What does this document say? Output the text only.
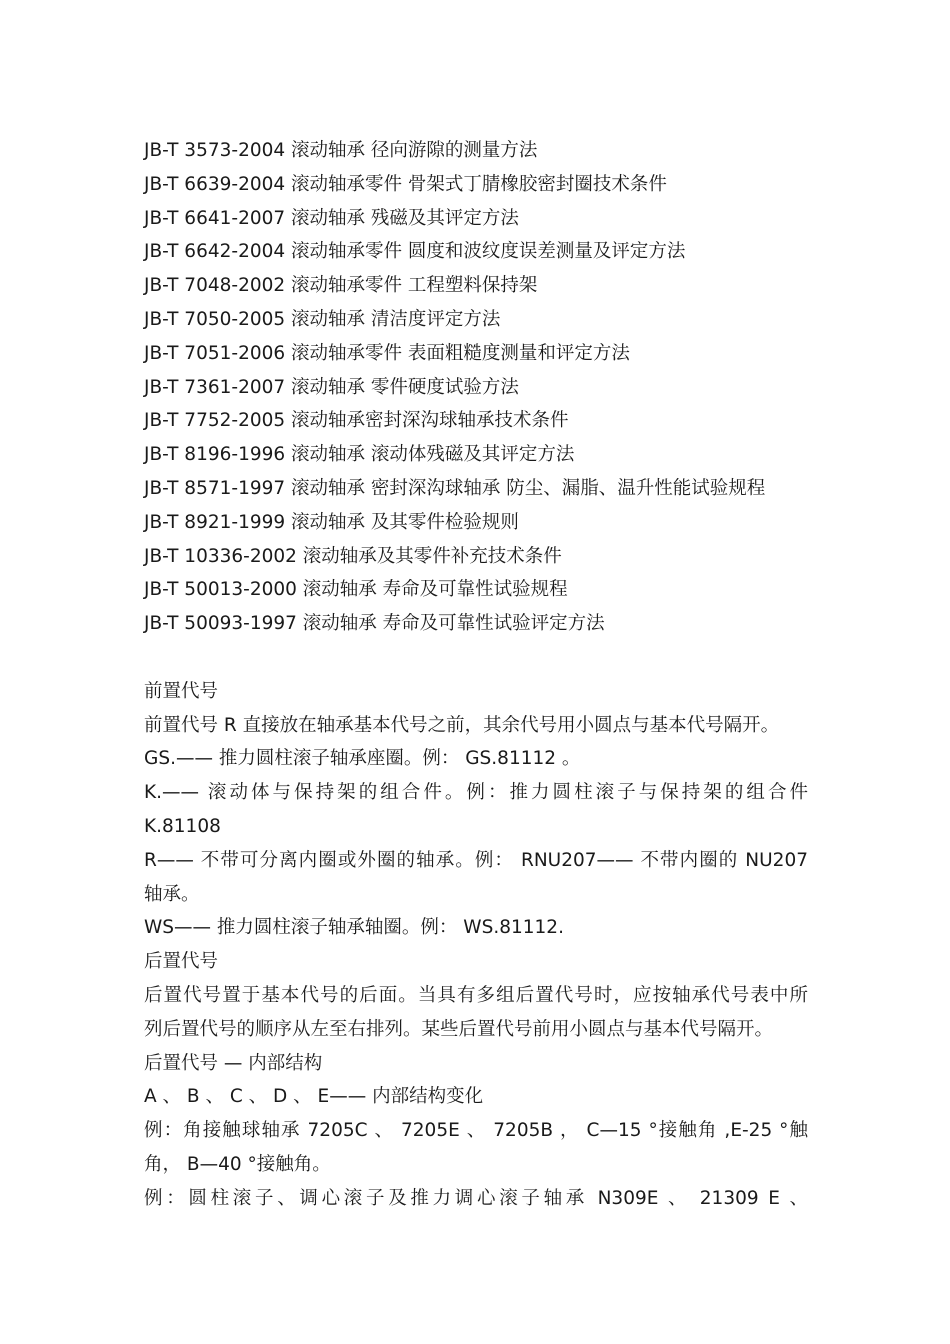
JB-T 3573-2004 滚动轴承 径向游隙的测量方法
JB-T 6639-2004 滚动轴承零件 骨架式丁腈橡胶密封圈技术条件
JB-T 6641-2007 滚动轴承 残磁及其评定方法
JB-T 6642-2004 滚动轴承零件 圆度和波纹度误差测量及评定方法
JB-T 7048-2002 滚动轴承零件 工程塑料保持架
JB-T 7050-2005 滚动轴承 清洁度评定方法
JB-T 7051-2006 滚动轴承零件 表面粗糙度测量和评定方法
JB-T 7361-2007 滚动轴承 零件硬度试验方法
JB-T 7752-2005 滚动轴承密封深沟球轴承技术条件
JB-T 8196-1996 滚动轴承 滚动体残磁及其评定方法
JB-T 8571-1997 滚动轴承 密封深沟球轴承 防尘、漏脂、温升性能试验规程
JB-T 8921-1999 滚动轴承 及其零件检验规则
JB-T 10336-2002 滚动轴承及其零件补充技术条件
JB-T 50013-2000 滚动轴承 寿命及可靠性试验规程
JB-T 50093-1997 滚动轴承 寿命及可靠性试验评定方法
前置代号
前置代号 R 直接放在轴承基本代号之前，其余代号用小圆点与基本代号隔开。
GS.—— 推力圆柱滚子轴承座圈。例： GS.81112 。
K.—— 滚动体与保持架的组合件。例：推力圆柱滚子与保持架的组合件
K.81108
R—— 不带可分离内圈或外圈的轴承。例： RNU207—— 不带内圈的 NU207
轴承。
WS—— 推力圆柱滚子轴承轴圈。例： WS.81112.
后置代号
后置代号置于基本代号的后面。当具有多组后置代号时，应按轴承代号表中所
列后置代号的顺序从左至右排列。某些后置代号前用小圆点与基本代号隔开。
后置代号 — 内部结构
A 、 B 、 C 、 D 、 E—— 内部结构变化
例：角接触球轴承 7205C 、 7205E 、 7205B ， C—15 °接触角 ,E-25 °触
角， B—40 °接触角。
例：圆柱滚子、调心滚子及推力调心滚子轴承 N309E 、 21309 E 、
